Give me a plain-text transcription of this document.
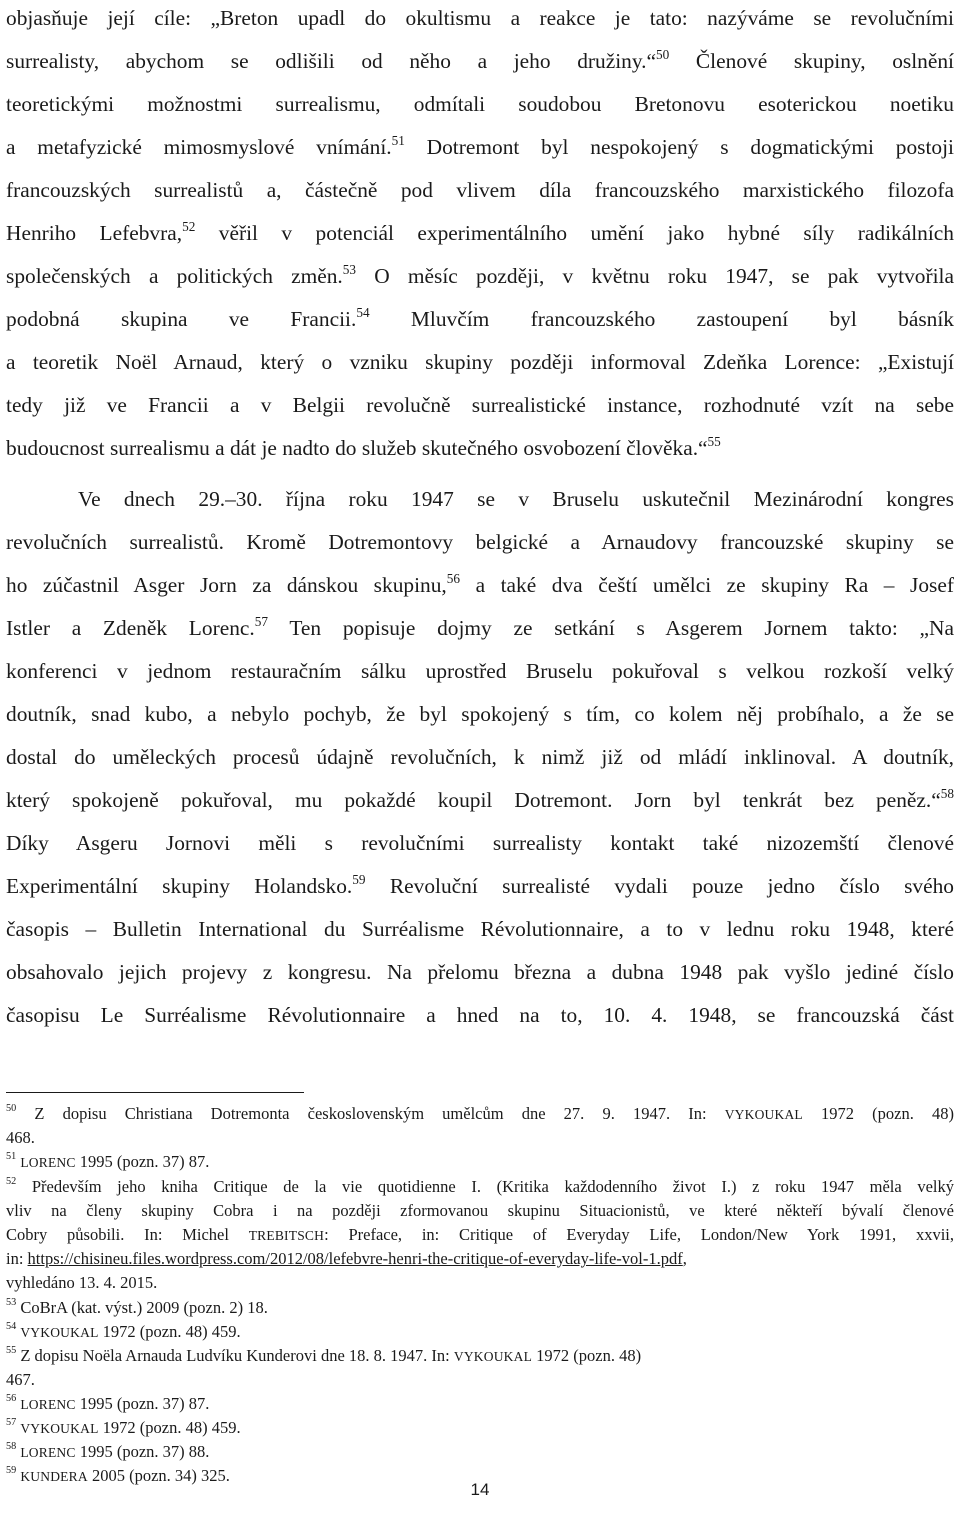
objasňuje její cíle: „Breton upadl do okultismu a reakce je tato: nazýváme se revolučními
surrealisty, abychom se odlišili od něho a jeho družiny.“$^{50}$ Členové skupiny, oslnění
teoretickými možnostmi surrealismu, odmítali soudobou Bretonovu esoterickou noetiku
a metafyzické mimosmyslové vnímání.$^{51}$ Dotremont byl nespokojený s dogmatickými postoji
francouzských surrealistů a, částečně pod vlivem díla francouzského marxistického filozofa
Henriho Lefebvra,$^{52}$ věřil v potenciál experimentálního umění jako hybné síly radikálních
společenských a politických změn.$^{53}$ O měsíc později, v květnu roku 1947, se pak vytvořila
podobná skupina ve Francii.$^{54}$ Mluvčím francouzského zastoupení byl básník
a teoretik Noël Arnaud, který o vzniku skupiny později informoval Zdeňka Lorence: „Existují
tedy již ve Francii a v Belgii revolučně surrealistické instance, rozhodnuté vzít na sebe
budoucnost surrealismu a dát je nadto do služeb skutečného osvobození člověka.“$^{55}$
Ve dnech 29.–30. října roku 1947 se v Bruselu uskutečnil Mezinárodní kongres
revolučních surrealistů. Kromě Dotremontovy belgické a Arnaudovy francouzské skupiny se
ho zúčastnil Asger Jorn za dánskou skupinu,$^{56}$ a také dva čeští umělci ze skupiny Ra – Josef
Istler a Zdeněk Lorenc.$^{57}$ Ten popisuje dojmy ze setkání s Asgerem Jornem takto: „Na
konferenci v jednom restauračním sálku uprostřed Bruselu pokuřoval s velkou rozkoší velký
doutník, snad kubo, a nebylo pochyb, že byl spokojený s tím, co kolem něj probíhalo, a že se
dostal do uměleckých procesů údajně revolučních, k nimž již od mládí inklinoval. A doutník,
který spokojeně pokuřoval, mu pokaždé koupil Dotremont. Jorn byl tenkrát bez peněz.“$^{58}$
Díky Asgeru Jornovi měli s revolučními surrealisty kontakt také nizozemští členové
Experimentální skupiny Holandsko.$^{59}$ Revoluční surrealisté vydali pouze jedno číslo svého
časopis – Bulletin International du Surréalisme Révolutionnaire, a to v lednu roku 1948, které
obsahovalo jejich projevy z kongresu. Na přelomu března a dubna 1948 pak vyšlo jediné číslo
časopisu Le Surréalisme Révolutionnaire a hned na to, 10. 4. 1948, se francouzská část
$^{50}$ Z dopisu Christiana Dotremonta československým umělcům dne 27. 9. 1947. In: VYKOUKAL 1972 (pozn. 48)
468.
$^{51}$ LORENC 1995 (pozn. 37) 87.
$^{52}$ Především jeho kniha Critique de la vie quotidienne I. (Kritika každodenního život I.) z roku 1947 měla velký
vliv na členy skupiny Cobra i na později zformovanou skupinu Situacionistů, ve které někteří bývalí členové
Cobry působili. In: Michel TREBITSCH: Preface, in: Critique of Everyday Life, London/New York 1991, xxvii,
in: https://chisineu.files.wordpress.com/2012/08/lefebvre-henri-the-critique-of-everyday-life-vol-1.pdf,
vyhledáno 13. 4. 2015.
$^{53}$ CoBrA (kat. výst.) 2009 (pozn. 2) 18.
$^{54}$ VYKOUKAL 1972 (pozn. 48) 459.
$^{55}$ Z dopisu Noëla Arnauda Ludvíku Kunderovi dne 18. 8. 1947. In: VYKOUKAL 1972 (pozn. 48)
467.
$^{56}$ LORENC 1995 (pozn. 37) 87.
$^{57}$ VYKOUKAL 1972 (pozn. 48) 459.
$^{58}$ LORENC 1995 (pozn. 37) 88.
$^{59}$ KUNDERA 2005 (pozn. 34) 325.
14
